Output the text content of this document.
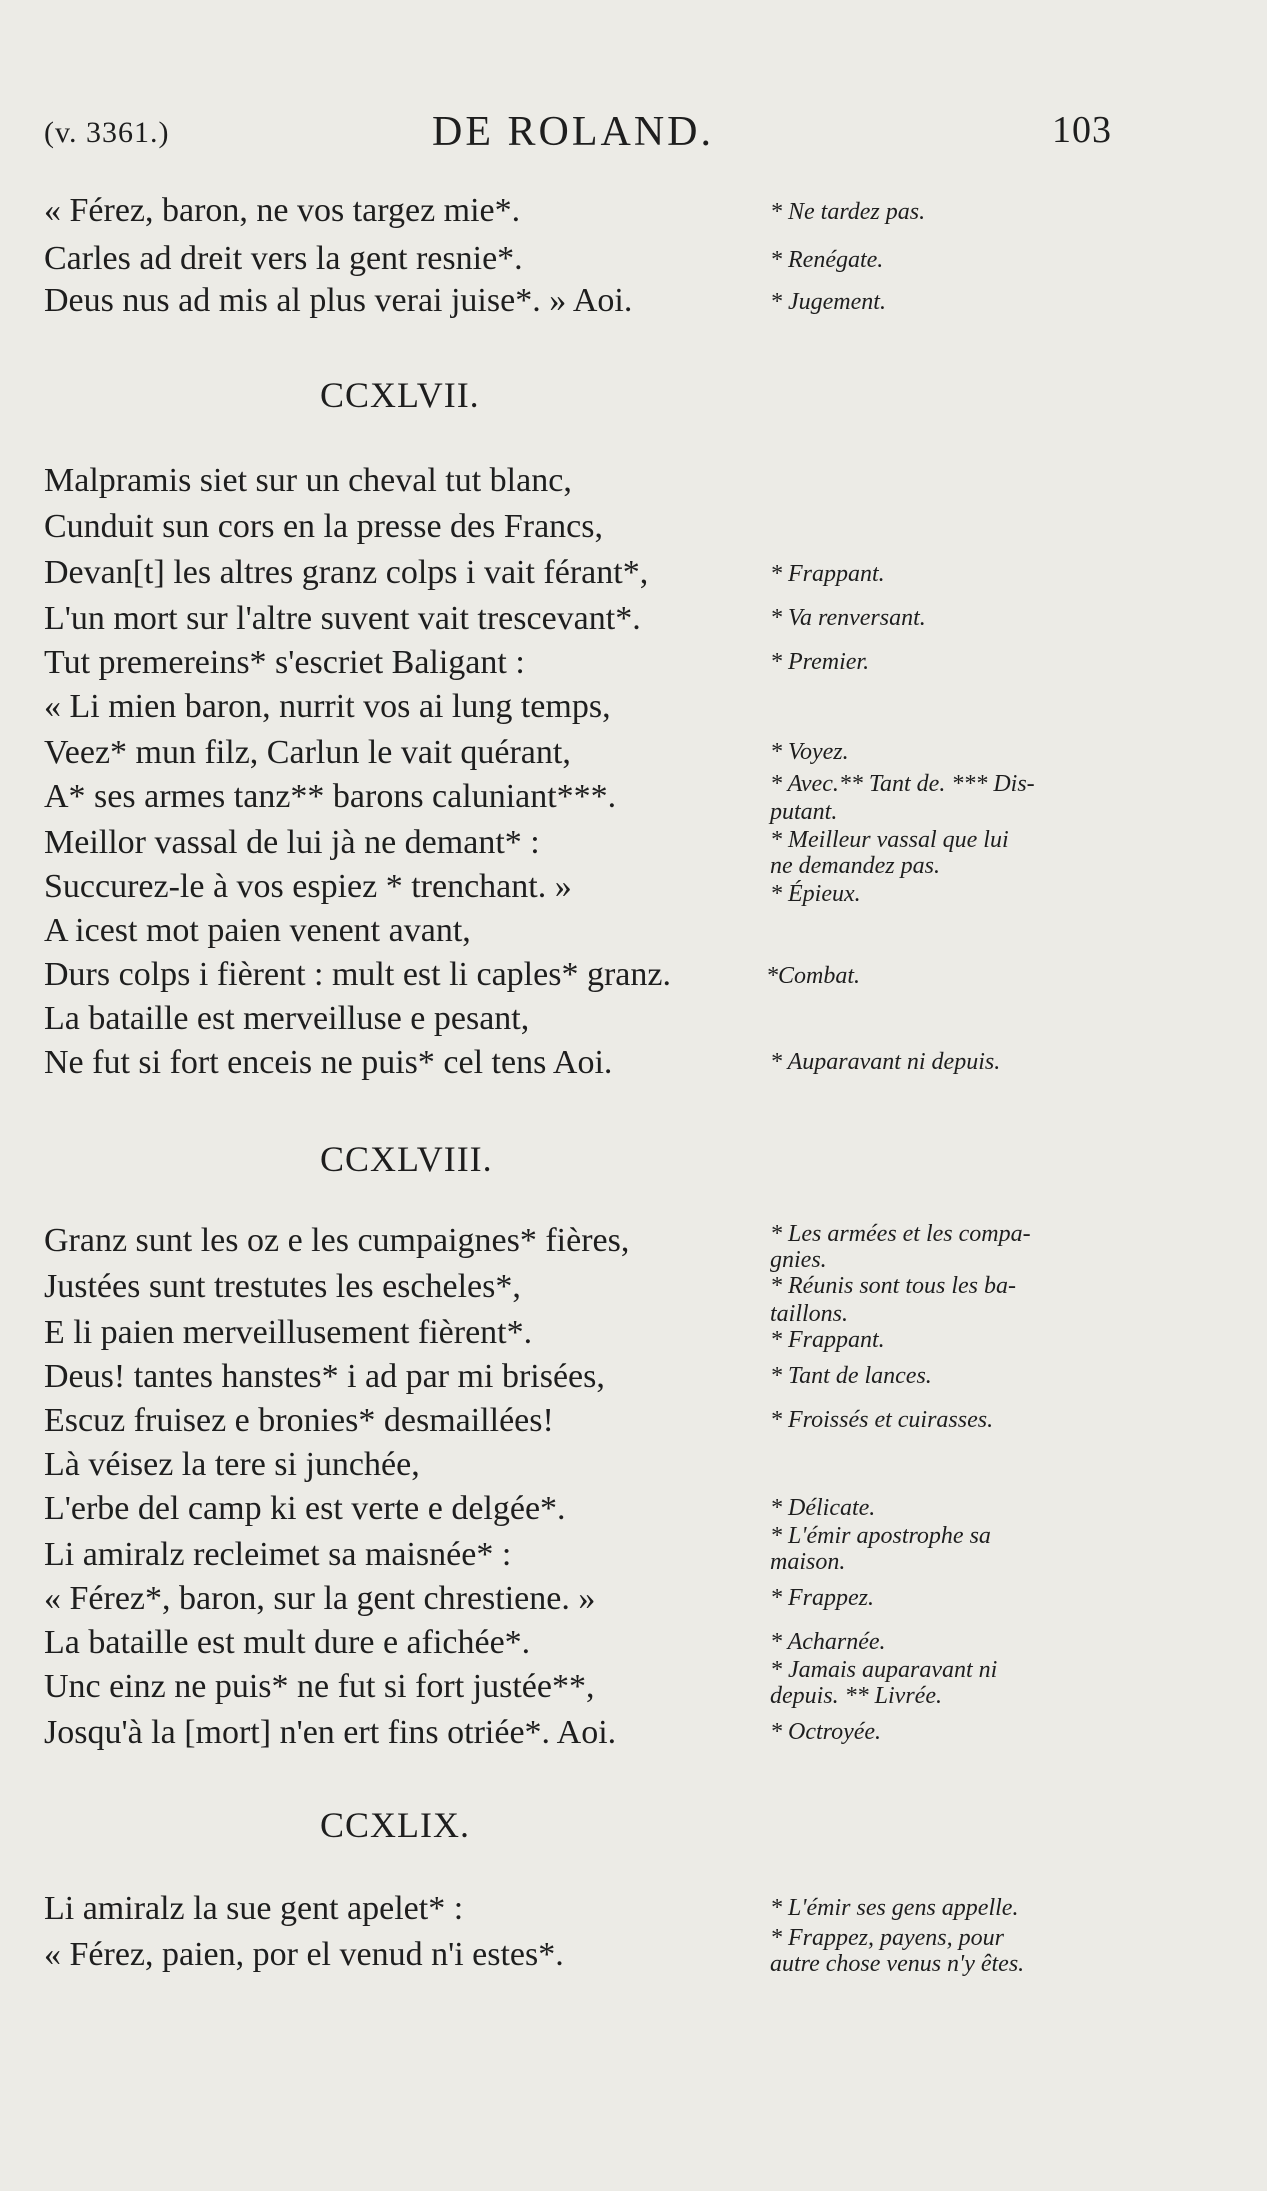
(v. 3361.)	DE ROLAND.	103
« Férez, baron, ne vos targez mie*.
Carles ad dreit vers la gent resnie*.
Deus nus ad mis al plus verai juise*. » Aoi.
* Ne tardez pas.
* Renégate.
* Jugement.
CCXLVII.
Malpramis siet sur un cheval tut blanc,
Cunduit sun cors en la presse des Francs,
Devan[t] les altres granz colps i vait férant*,
L'un mort sur l'altre suvent vait trescevant*.
Tut premereins* s'escriet Baligant :
« Li mien baron, nurrit vos ai lung temps,
Veez* mun filz, Carlun le vait quérant,
A* ses armes tanz** barons caluniant***.
Meillor vassal de lui jà ne demant* :
Succurez-le à vos espiez * trenchant. »
A icest mot paien venent avant,
Durs colps i fièrent : mult est li caples* granz.
La bataille est merveilluse e pesant,
Ne fut si fort enceis ne puis* cel tens Aoi.
* Frappant.
* Va renversant.
* Premier.
* Voyez.
* Avec.** Tant de. *** Dis-
putant.
* Meilleur vassal que lui
ne demandez pas.
* Épieux.
*Combat.
* Auparavant ni depuis.
CCXLVIII.
Granz sunt les oz e les cumpaignes* fières,
Justées sunt trestutes les escheles*,
E li paien merveillusement fièrent*.
Deus! tantes hanstes* i ad par mi brisées,
Escuz fruisez e bronies* desmaillées!
Là véisez la tere si junchée,
L'erbe del camp ki est verte e delgée*.
Li amiralz recleimet sa maisnée* :
« Férez*, baron, sur la gent chrestiene. »
La bataille est mult dure e afichée*.
Unc einz ne puis* ne fut si fort justée**,
Josqu'à la [mort] n'en ert fins otriée*. Aoi.
* Les armées et les compa-
gnies.
* Réunis sont tous les ba-
taillons.
* Frappant.
* Tant de lances.
* Froissés et cuirasses.
* Délicate.
* L'émir apostrophe sa
maison.
* Frappez.
* Acharnée.
* Jamais auparavant ni
depuis. ** Livrée.
* Octroyée.
CCXLIX.
Li amiralz la sue gent apelet* :
« Férez, paien, por el venud n'i estes*.
* L'émir ses gens appelle.
* Frappez, payens, pour
autre chose venus n'y êtes.
